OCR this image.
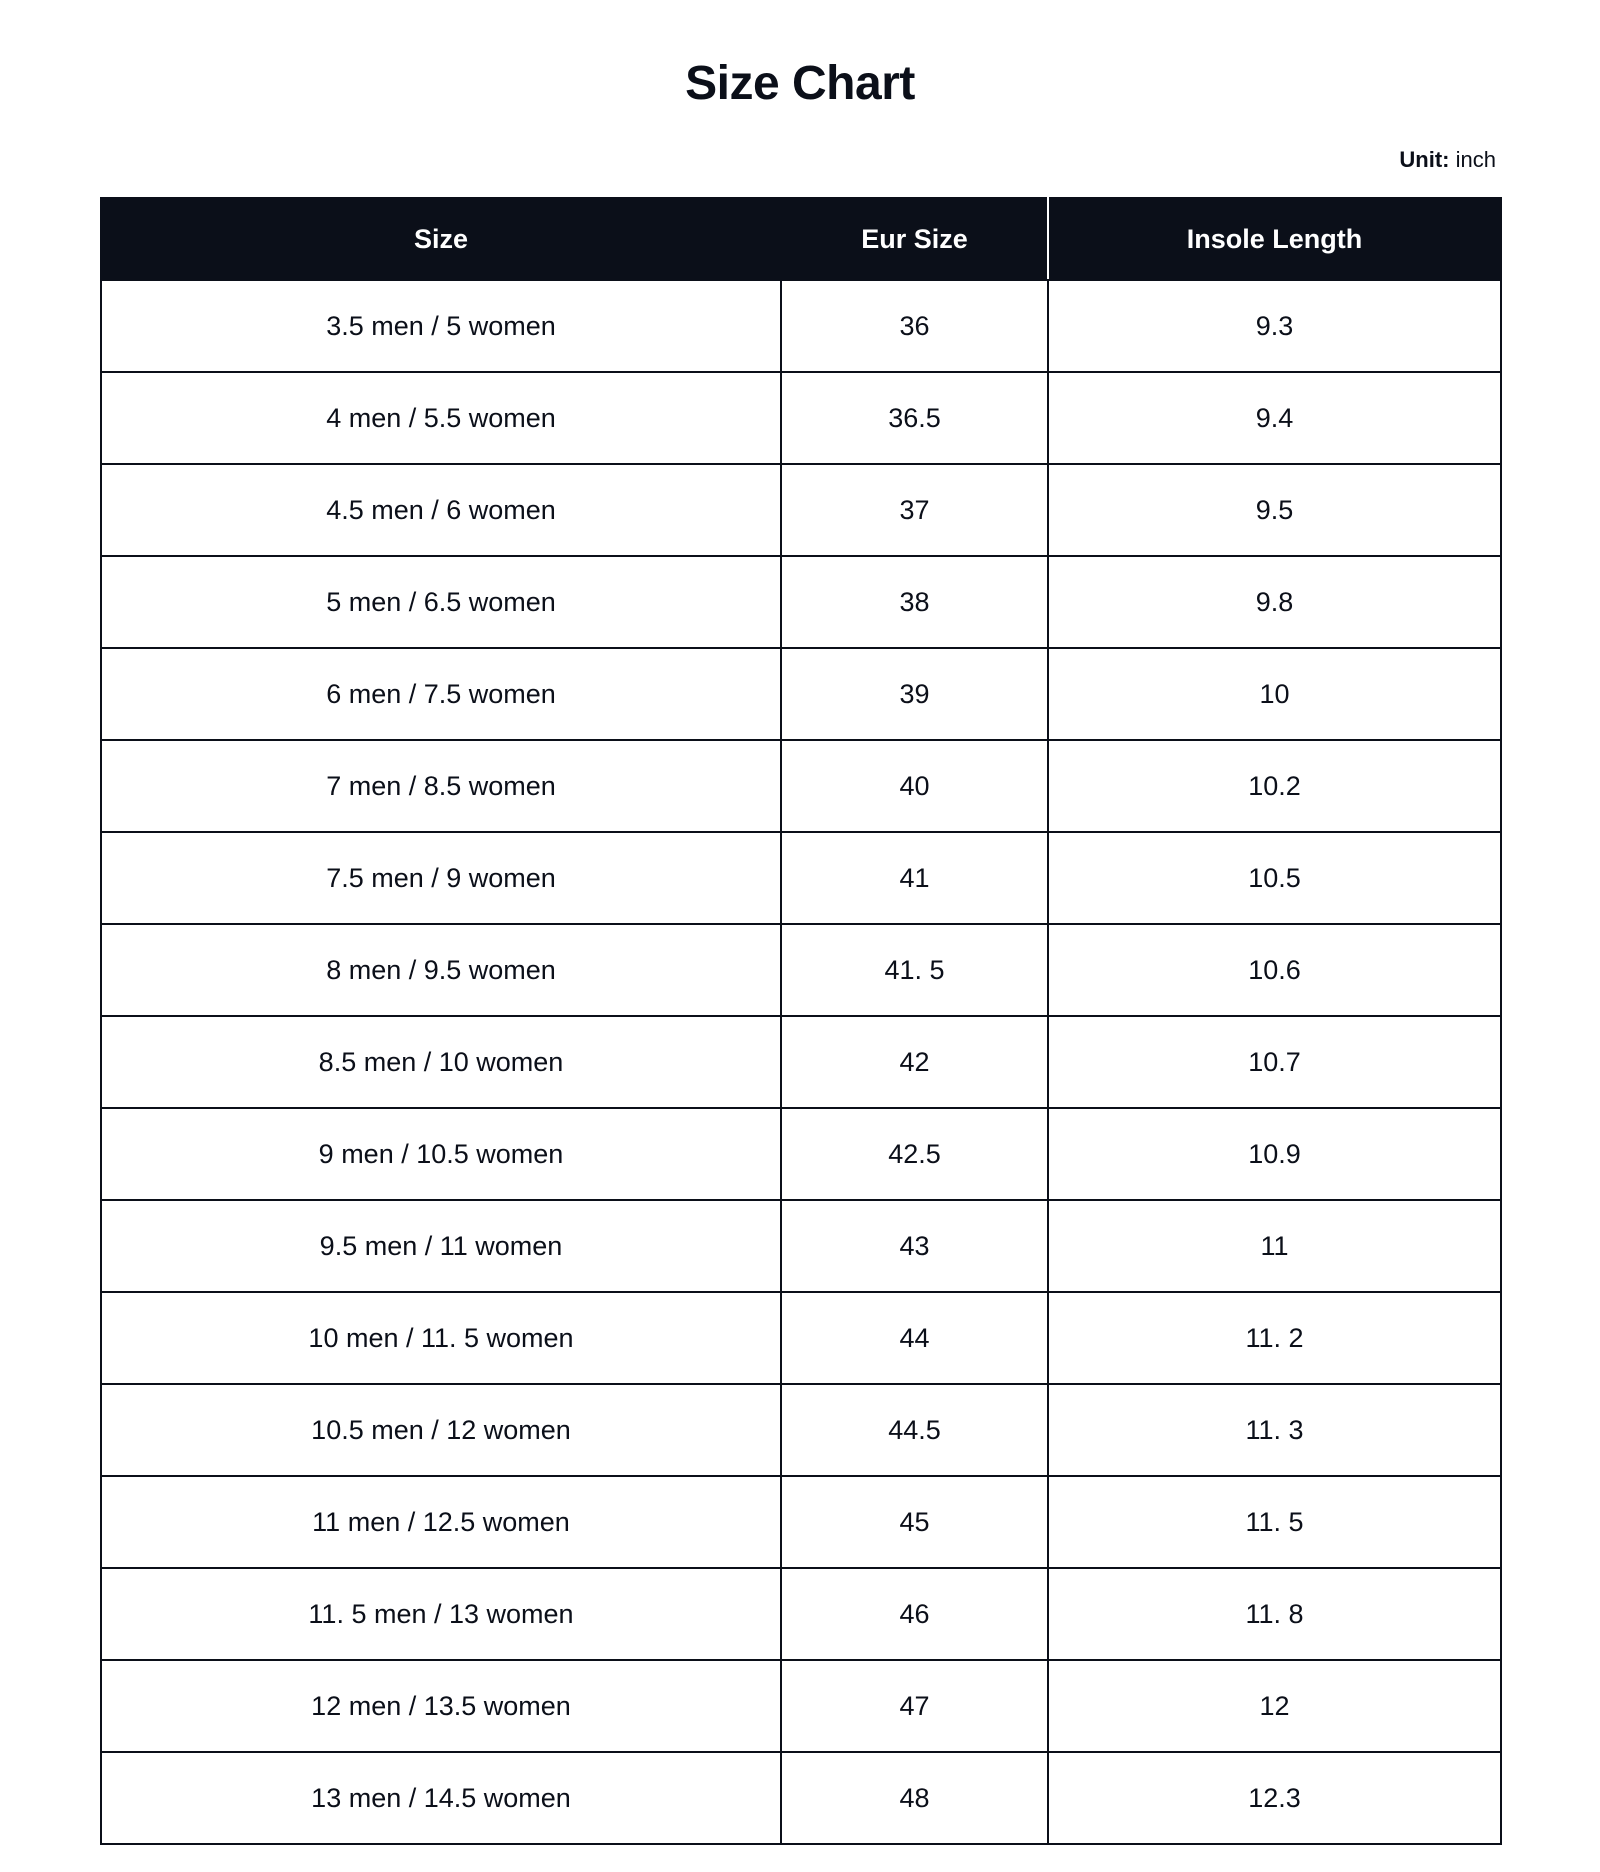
Size Chart
Unit: inch
Size	Eur Size	Insole Length
3.5 men / 5 women	36	9.3
4 men / 5.5 women	36.5	9.4
4.5 men / 6 women	37	9.5
5 men / 6.5 women	38	9.8
6 men / 7.5 women	39	10
7 men / 8.5 women	40	10.2
7.5 men / 9 women	41	10.5
8 men / 9.5 women	41. 5	10.6
8.5 men / 10 women	42	10.7
9 men / 10.5 women	42.5	10.9
9.5 men / 11 women	43	11
10 men / 11. 5 women	44	11. 2
10.5 men / 12 women	44.5	11. 3
11 men / 12.5 women	45	11. 5
11. 5 men / 13 women	46	11. 8
12 men / 13.5 women	47	12
13 men / 14.5 women	48	12.3
